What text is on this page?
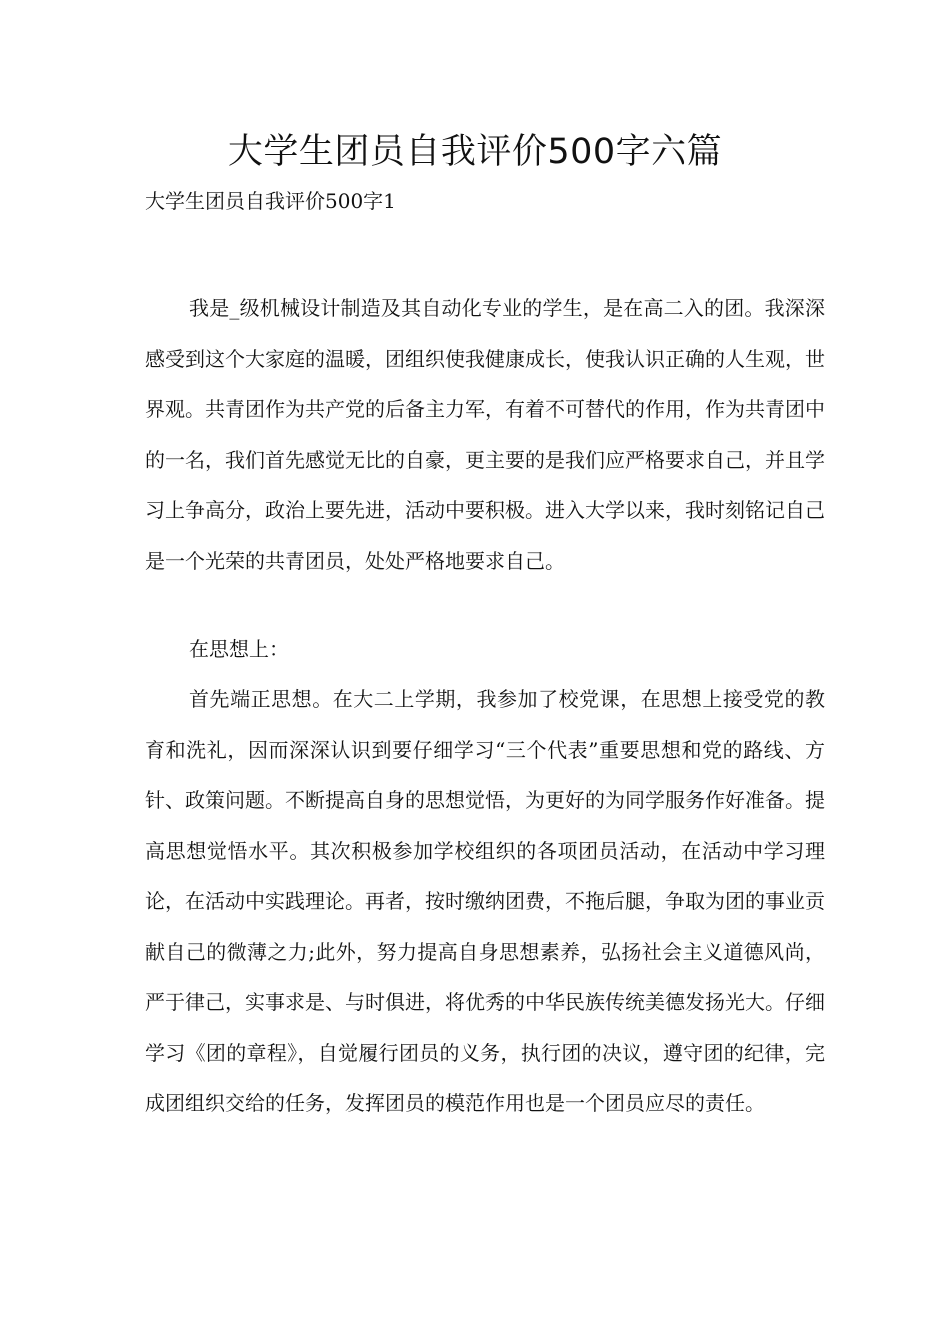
大学生团员自我评价500字六篇
大学生团员自我评价500字1

我是_级机械设计制造及其自动化专业的学生，是在高二入的团。我深深感受到这个大家庭的温暖，团组织使我健康成长，使我认识正确的人生观，世界观。共青团作为共产党的后备主力军，有着不可替代的作用，作为共青团中的一名，我们首先感觉无比的自豪，更主要的是我们应严格要求自己，并且学习上争高分，政治上要先进，活动中要积极。进入大学以来，我时刻铭记自己是一个光荣的共青团员，处处严格地要求自己。

在思想上：

首先端正思想。在大二上学期，我参加了校党课，在思想上接受党的教育和洗礼，因而深深认识到要仔细学习“三个代表”重要思想和党的路线、方针、政策问题。不断提高自身的思想觉悟，为更好的为同学服务作好准备。提高思想觉悟水平。其次积极参加学校组织的各项团员活动，在活动中学习理论，在活动中实践理论。再者，按时缴纳团费，不拖后腿，争取为团的事业贡献自己的微薄之力;此外，努力提高自身思想素养，弘扬社会主义道德风尚，严于律己，实事求是、与时俱进，将优秀的中华民族传统美德发扬光大。仔细学习《团的章程》，自觉履行团员的义务，执行团的决议，遵守团的纪律，完成团组织交给的任务，发挥团员的模范作用也是一个团员应尽的责任。
